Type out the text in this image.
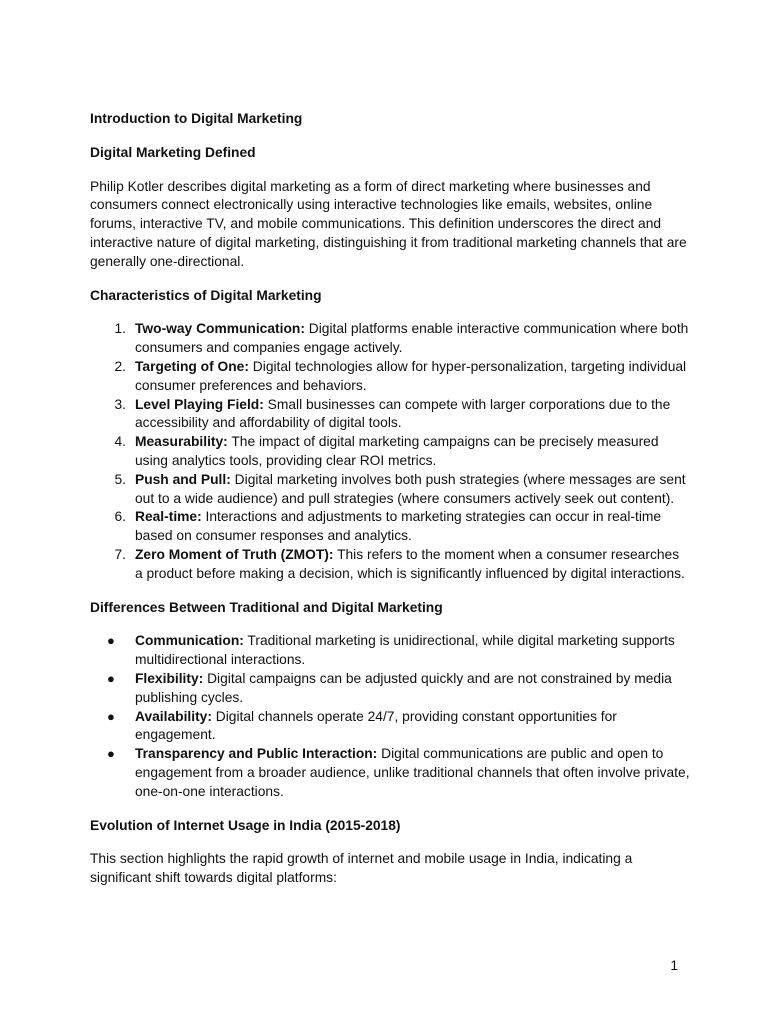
Introduction to Digital Marketing

Digital Marketing Defined

Philip Kotler describes digital marketing as a form of direct marketing where businesses and consumers connect electronically using interactive technologies like emails, websites, online forums, interactive TV, and mobile communications. This definition underscores the direct and interactive nature of digital marketing, distinguishing it from traditional marketing channels that are generally one-directional.

Characteristics of Digital Marketing

1. Two-way Communication: Digital platforms enable interactive communication where both consumers and companies engage actively.
2. Targeting of One: Digital technologies allow for hyper-personalization, targeting individual consumer preferences and behaviors.
3. Level Playing Field: Small businesses can compete with larger corporations due to the accessibility and affordability of digital tools.
4. Measurability: The impact of digital marketing campaigns can be precisely measured using analytics tools, providing clear ROI metrics.
5. Push and Pull: Digital marketing involves both push strategies (where messages are sent out to a wide audience) and pull strategies (where consumers actively seek out content).
6. Real-time: Interactions and adjustments to marketing strategies can occur in real-time based on consumer responses and analytics.
7. Zero Moment of Truth (ZMOT): This refers to the moment when a consumer researches a product before making a decision, which is significantly influenced by digital interactions.

Differences Between Traditional and Digital Marketing

● Communication: Traditional marketing is unidirectional, while digital marketing supports multidirectional interactions.
● Flexibility: Digital campaigns can be adjusted quickly and are not constrained by media publishing cycles.
● Availability: Digital channels operate 24/7, providing constant opportunities for engagement.
● Transparency and Public Interaction: Digital communications are public and open to engagement from a broader audience, unlike traditional channels that often involve private, one-on-one interactions.

Evolution of Internet Usage in India (2015-2018)

This section highlights the rapid growth of internet and mobile usage in India, indicating a significant shift towards digital platforms:

1
